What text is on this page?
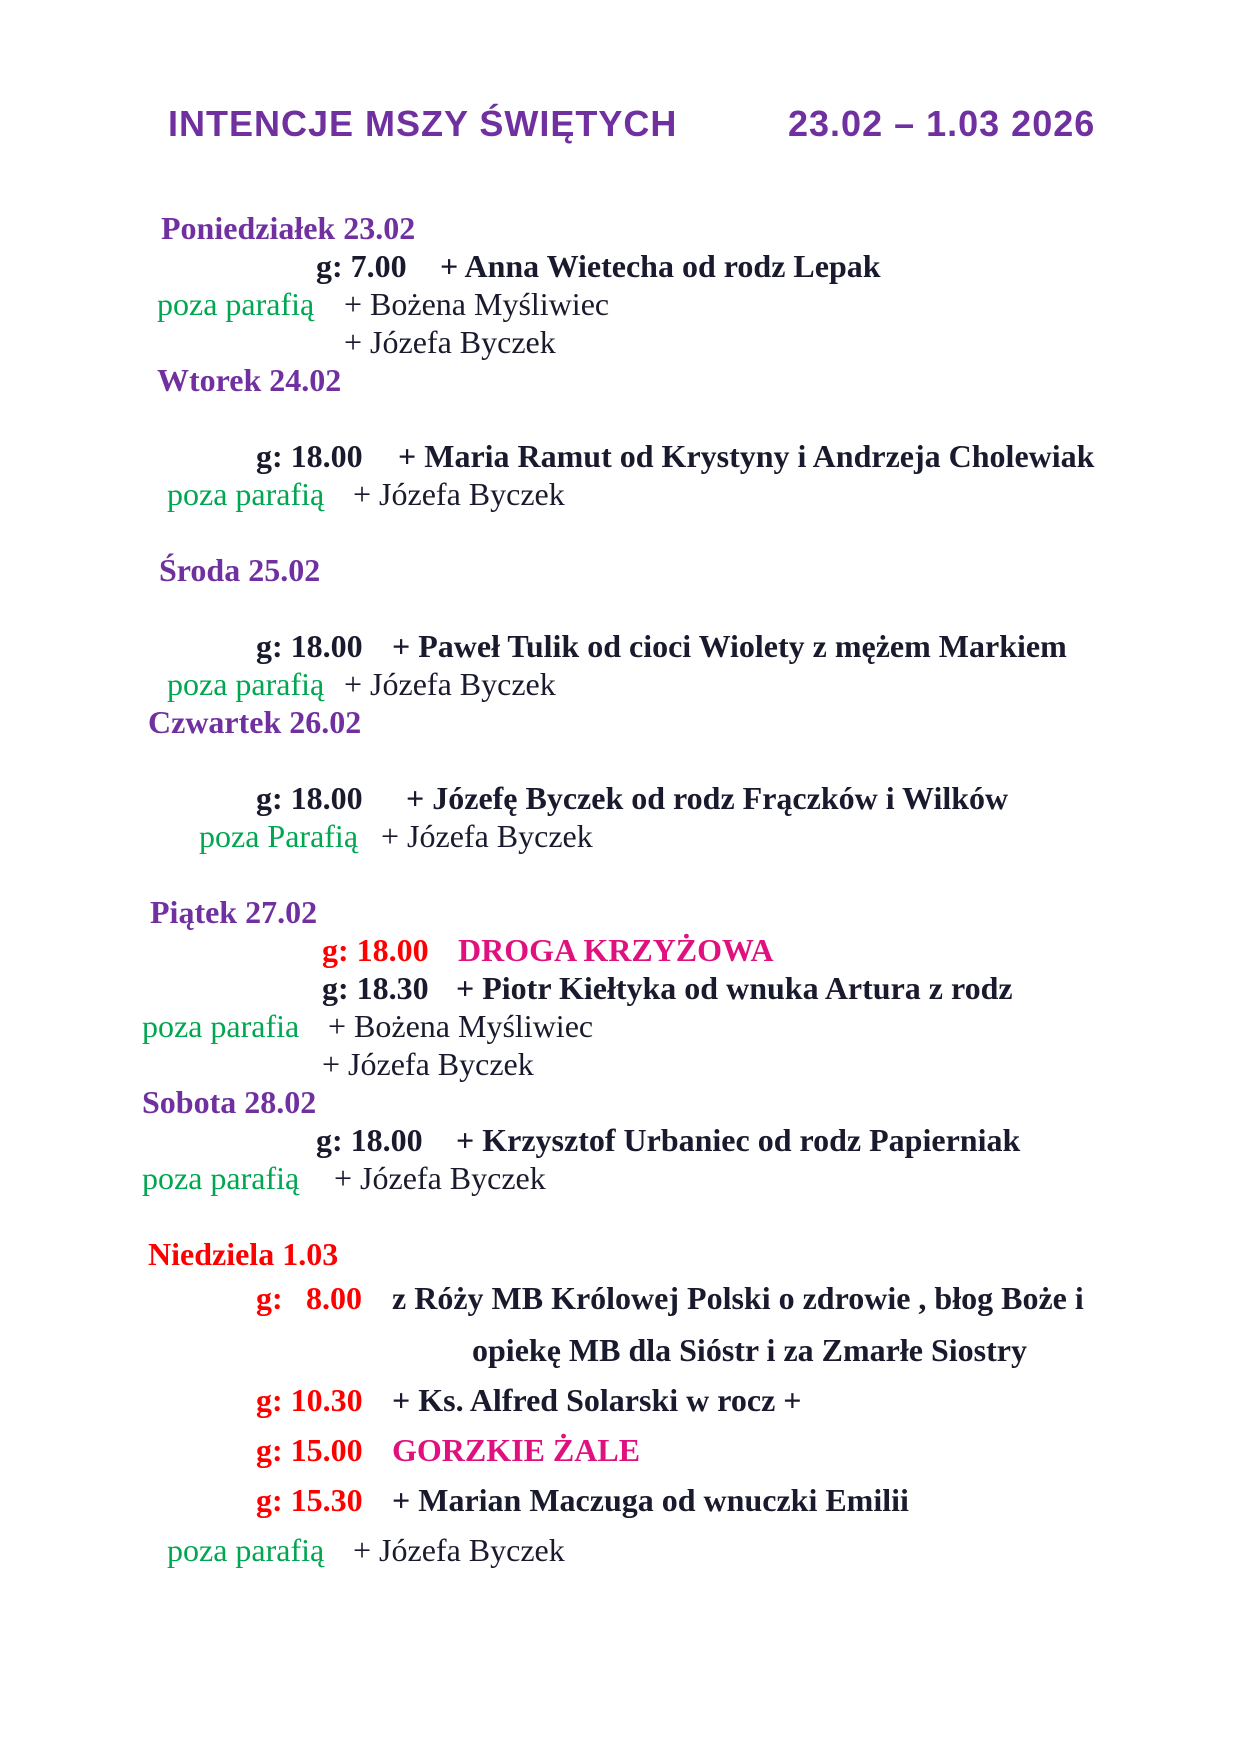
INTENCJE MSZY ŚWIĘTYCH	23.02 – 1.03 2026
Poniedziałek 23.02
g: 7.00 + Anna Wietecha od rodz Lepak
poza parafią + Bożena Myśliwiec
+ Józefa Byczek
Wtorek 24.02
g: 18.00 + Maria Ramut od Krystyny i Andrzeja Cholewiak
poza parafią + Józefa Byczek
Środa 25.02
g: 18.00 + Paweł Tulik od cioci Wiolety z mężem Markiem
poza parafią + Józefa Byczek
Czwartek 26.02
g: 18.00 + Józefę Byczek od rodz Frączków i Wilków
poza Parafią + Józefa Byczek
Piątek 27.02
g: 18.00 DROGA KRZYŻOWA
g: 18.30 + Piotr Kiełtyka od wnuka Artura z rodz
poza parafia + Bożena Myśliwiec
+ Józefa Byczek
Sobota 28.02
g: 18.00 + Krzysztof Urbaniec od rodz Papierniak
poza parafią + Józefa Byczek
Niedziela 1.03
g: 8.00 z Róży MB Królowej Polski o zdrowie , błog Boże i
opiekę MB dla Sióstr i za Zmarłe Siostry
g: 10.30 + Ks. Alfred Solarski w rocz +
g: 15.00 GORZKIE ŻALE
g: 15.30 + Marian Maczuga od wnuczki Emilii
poza parafią + Józefa Byczek
